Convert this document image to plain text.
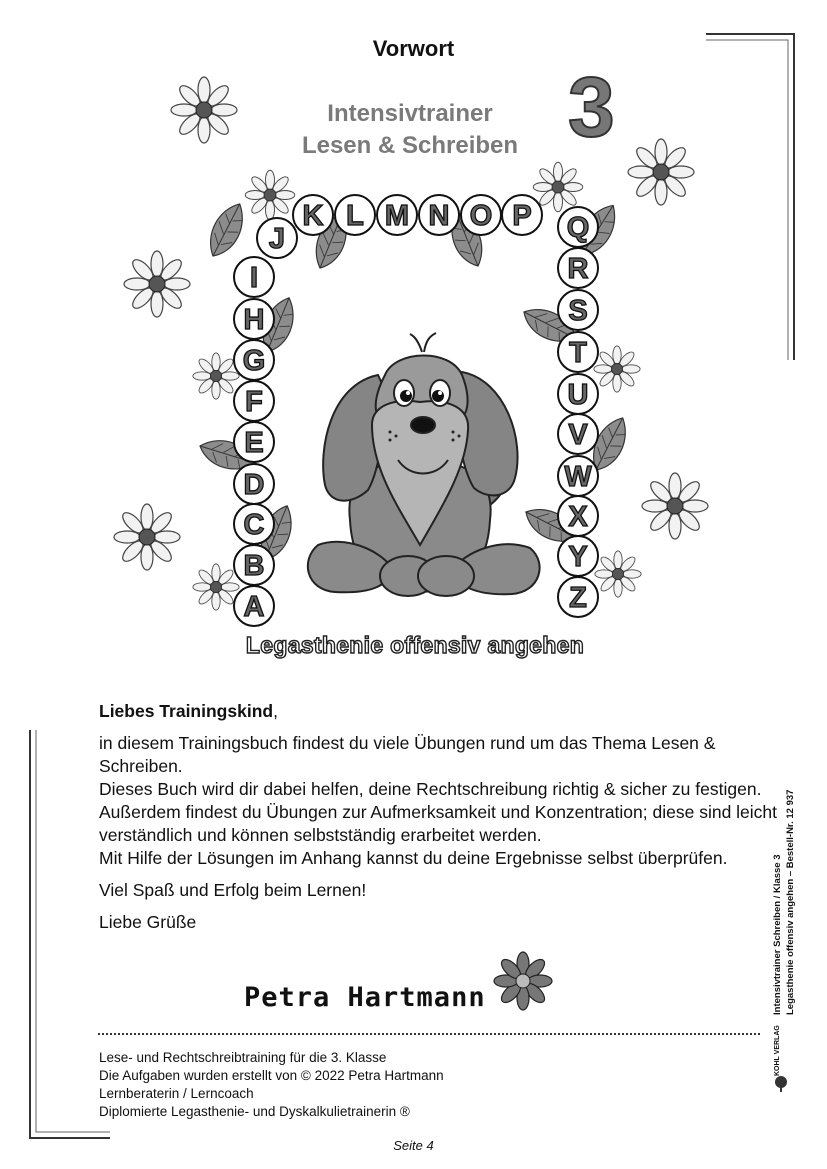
Vorwort
Intensivtrainer
Lesen & Schreiben 3
A
B
C
D
E
F
G
H
I
J
K L M N O P Q
R
S
T
U
V
W
X
Y
Z
Legasthenie offensiv angehen

Liebes Trainingskind,

in diesem Trainingsbuch findest du viele Übungen rund um das Thema Lesen & Schreiben.
Dieses Buch wird dir dabei helfen, deine Rechtschreibung richtig & sicher zu festigen.
Außerdem findest du Übungen zur Aufmerksamkeit und Konzentration; diese sind leicht verständlich und können selbstständig erarbeitet werden.
Mit Hilfe der Lösungen im Anhang kannst du deine Ergebnisse selbst überprüfen.

Viel Spaß und Erfolg beim Lernen!

Liebe Grüße

Petra Hartmann
Lese- und Rechtschreibtraining für die 3. Klasse
Die Aufgaben wurden erstellt von © 2022 Petra Hartmann
Lernberaterin / Lerncoach
Diplomierte Legasthenie- und Dyskalkulietrainerin ®
Intensivtrainer Schreiben / Klasse 3 Legasthenie offensiv angehen – Bestell-Nr. 12 937
KOHL VERLAG
Seite 4
